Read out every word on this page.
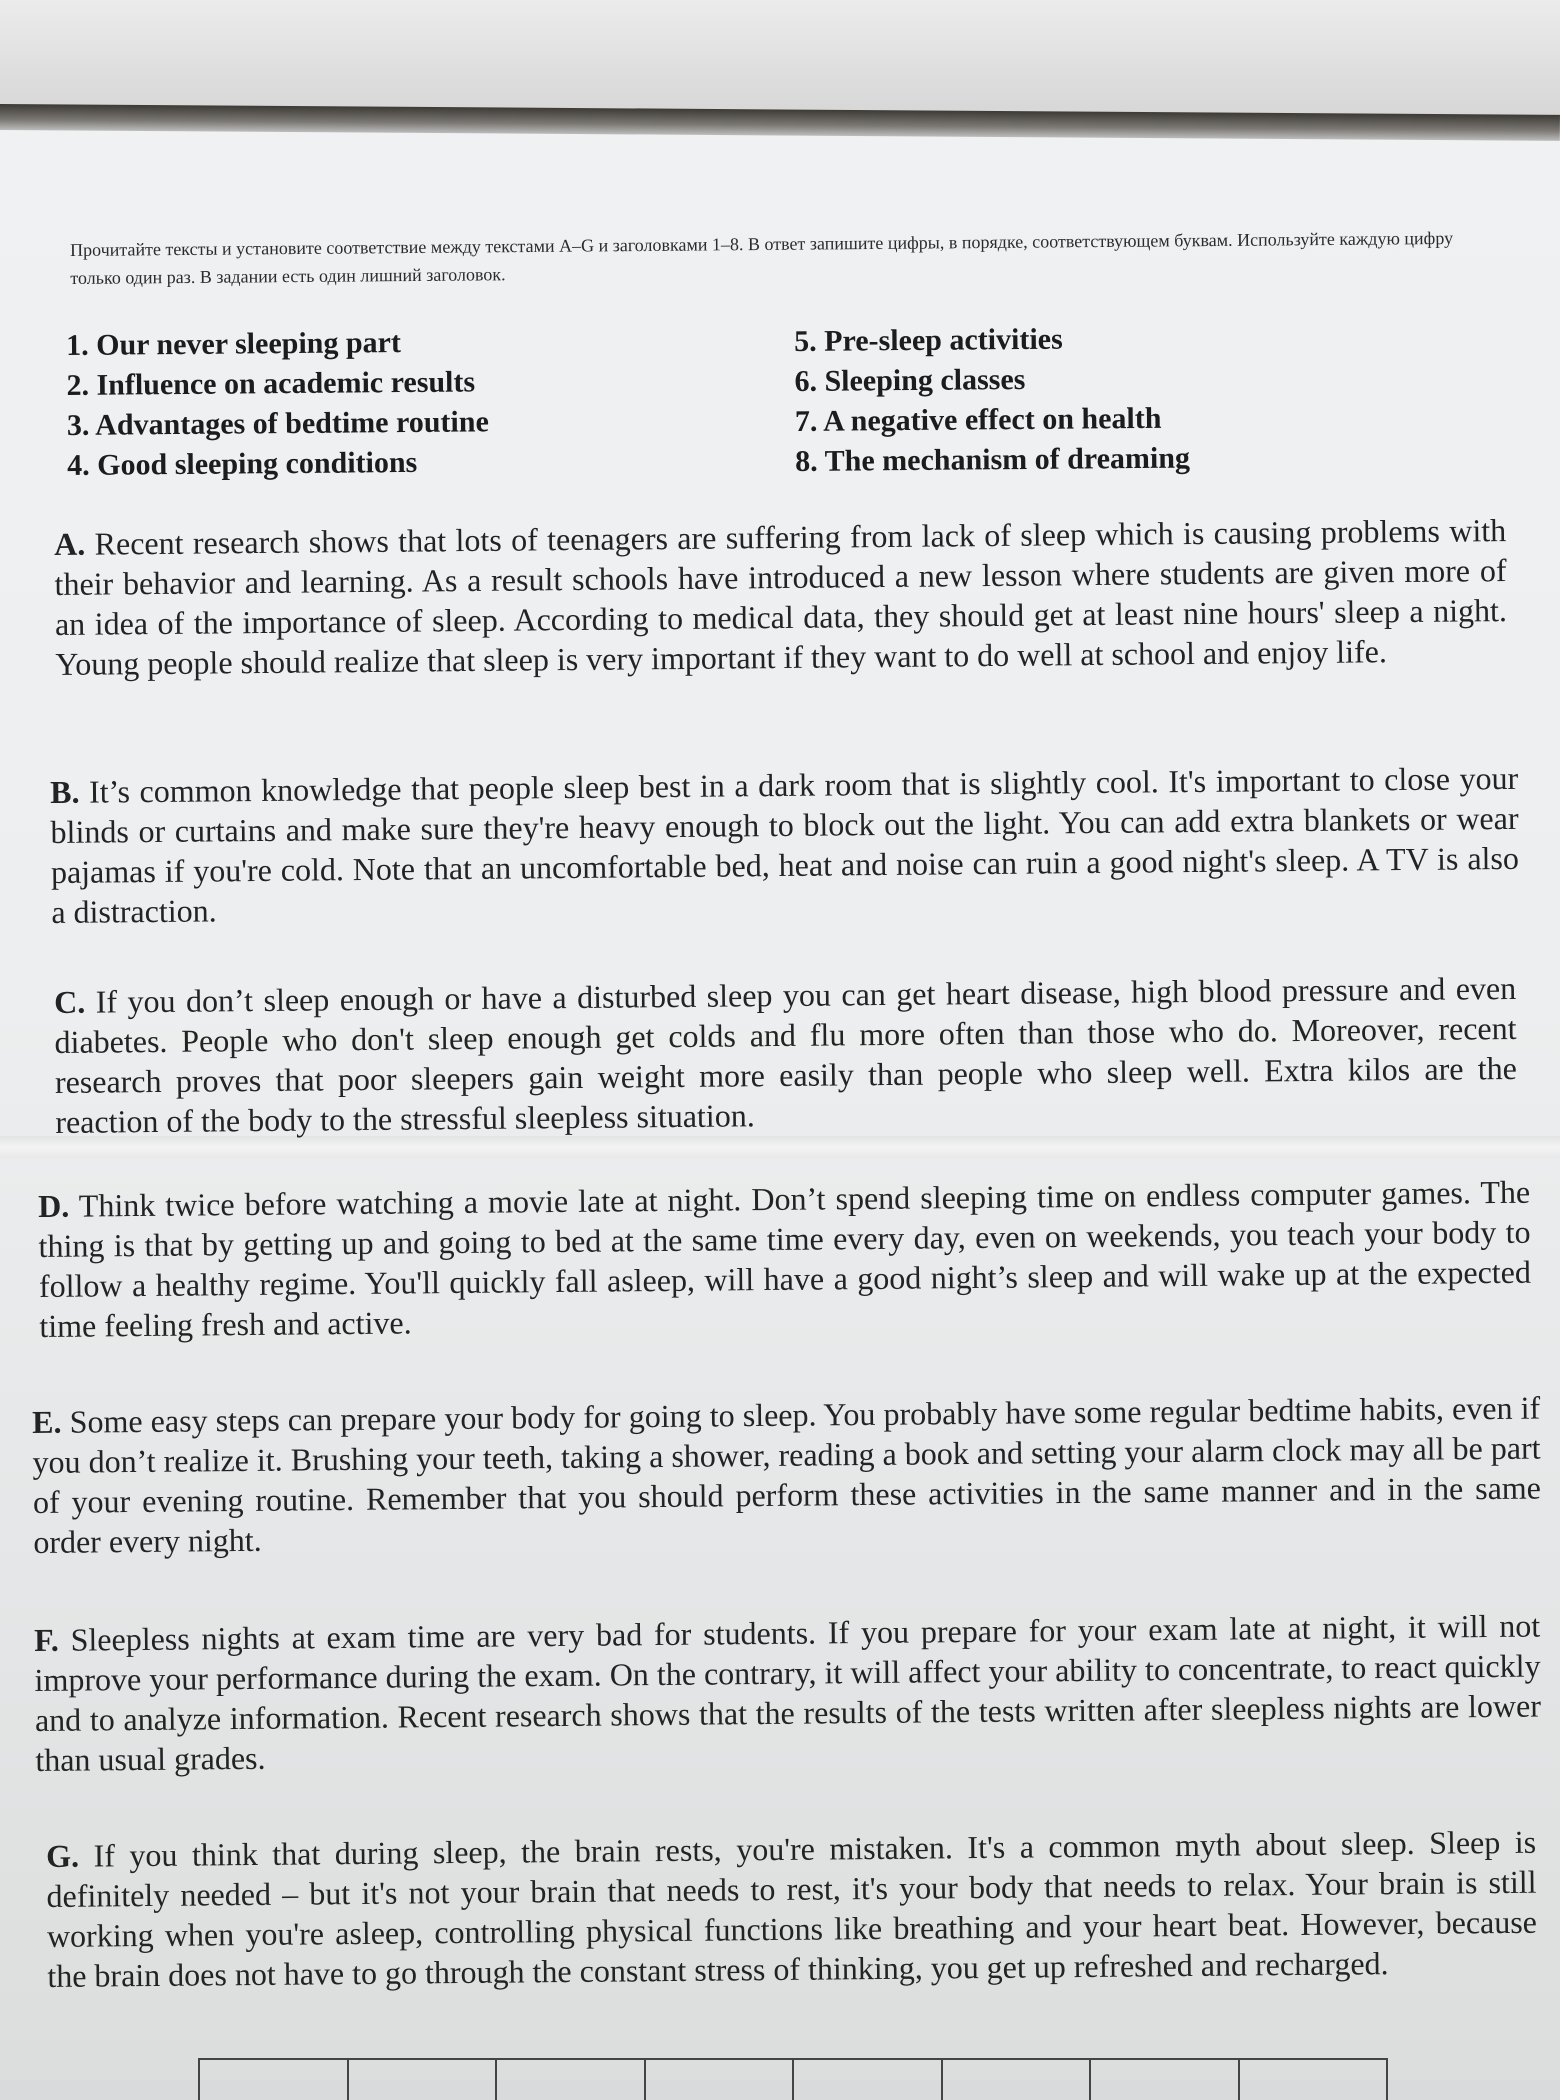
Прочитайте тексты и установите соответствие между текстами A–G и заголовками 1–8. В ответ запишите цифры, в порядке, соответствующем буквам. Используйте каждую цифру только один раз. В задании есть один лишний заголовок.
1. Our never sleeping part
2. Influence on academic results
3. Advantages of bedtime routine
4. Good sleeping conditions
5. Pre-sleep activities
6. Sleeping classes
7. A negative effect on health
8. The mechanism of dreaming
A. Recent research shows that lots of teenagers are suffering from lack of sleep which is causing problems with their behavior and learning. As a result schools have introduced a new lesson where students are given more of an idea of the importance of sleep. According to medical data, they should get at least nine hours' sleep a night. Young people should realize that sleep is very important if they want to do well at school and enjoy life.
B. It’s common knowledge that people sleep best in a dark room that is slightly cool. It's important to close your blinds or curtains and make sure they're heavy enough to block out the light. You can add extra blankets or wear pajamas if you're cold. Note that an uncomfortable bed, heat and noise can ruin a good night's sleep. A TV is also a distraction.
C. If you don’t sleep enough or have a disturbed sleep you can get heart disease, high blood pressure and even diabetes. People who don't sleep enough get colds and flu more often than those who do. Moreover, recent research proves that poor sleepers gain weight more easily than people who sleep well. Extra kilos are the reaction of the body to the stressful sleepless situation.
D. Think twice before watching a movie late at night. Don’t spend sleeping time on endless computer games. The thing is that by getting up and going to bed at the same time every day, even on weekends, you teach your body to follow a healthy regime. You'll quickly fall asleep, will have a good night’s sleep and will wake up at the expected time feeling fresh and active.
E. Some easy steps can prepare your body for going to sleep. You probably have some regular bedtime habits, even if you don’t realize it. Brushing your teeth, taking a shower, reading a book and setting your alarm clock may all be part of your evening routine. Remember that you should perform these activities in the same manner and in the same order every night.
F. Sleepless nights at exam time are very bad for students. If you prepare for your exam late at night, it will not improve your performance during the exam. On the contrary, it will affect your ability to concentrate, to react quickly and to analyze information. Recent research shows that the results of the tests written after sleepless nights are lower than usual grades.
G. If you think that during sleep, the brain rests, you're mistaken. It's a common myth about sleep. Sleep is definitely needed – but it's not your brain that needs to rest, it's your body that needs to relax. Your brain is still working when you're asleep, controlling physical functions like breathing and your heart beat. However, because the brain does not have to go through the constant stress of thinking, you get up refreshed and recharged.
